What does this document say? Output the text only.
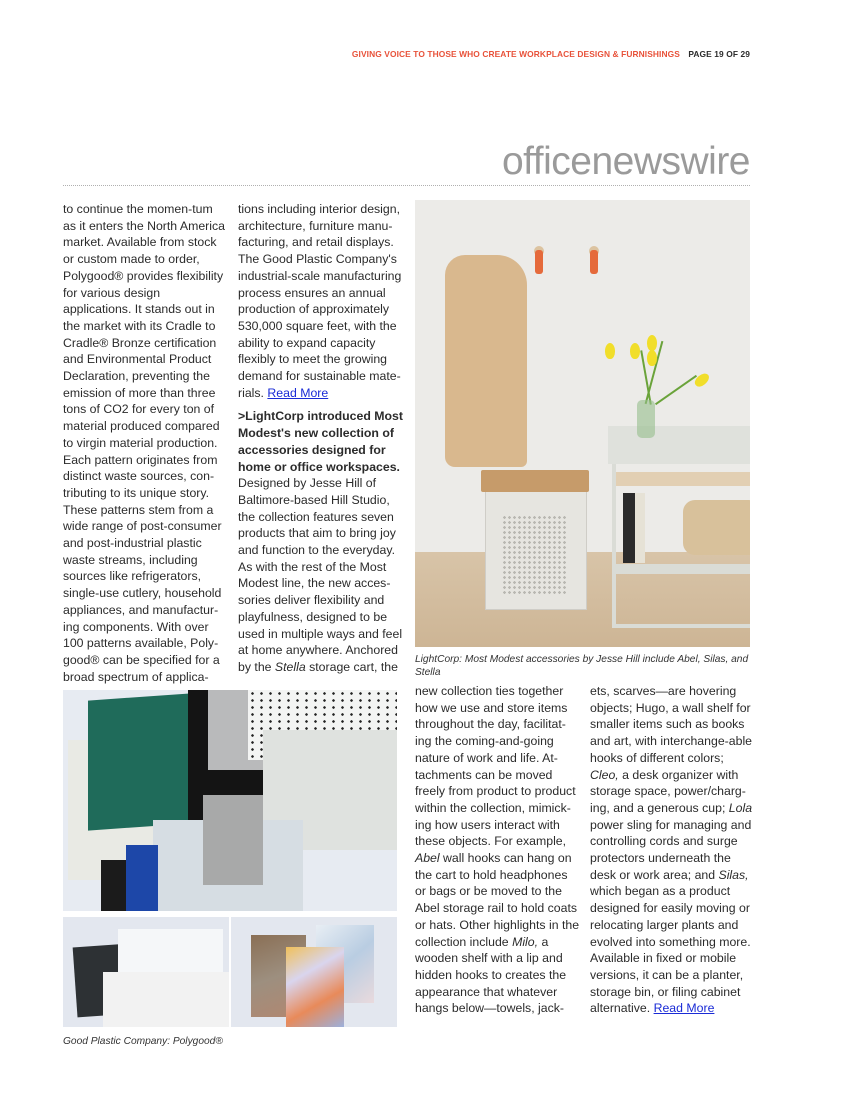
GIVING VOICE TO THOSE WHO CREATE WORKPLACE DESIGN & FURNISHINGS PAGE 19 OF 29
officenewswire

to continue the momen-tum as it enters the North America market. Available from stock or custom made to order, Polygood® provides flexibility for various design applications. It stands out in the market with its Cradle to Cradle® Bronze certification and Environmental Product Declaration, preventing the emission of more than three tons of CO2 for every ton of material produced compared to virgin material production. Each pattern originates from distinct waste sources, con-tributing to its unique story. These patterns stem from a wide range of post-consumer and post-industrial plastic waste streams, including sources like refrigerators, single-use cutlery, household appliances, and manufactur-ing components. With over 100 patterns available, Poly-good® can be specified for a broad spectrum of applica-

tions including interior design, architecture, furniture manu-facturing, and retail displays. The Good Plastic Company's industrial-scale manufacturing process ensures an annual production of approximately 530,000 square feet, with the ability to expand capacity flexibly to meet the growing demand for sustainable mate-rials. Read More

>LightCorp introduced Most Modest's new collection of accessories designed for home or office workspaces.

Designed by Jesse Hill of Baltimore-based Hill Studio, the collection features seven products that aim to bring joy and function to the everyday. As with the rest of the Most Modest line, the new acces-sories deliver flexibility and playfulness, designed to be used in multiple ways and feel at home anywhere. Anchored by the Stella storage cart, the

LightCorp: Most Modest accessories by Jesse Hill include Abel, Silas, and Stella

new collection ties together how we use and store items throughout the day, facilitat-ing the coming-and-going nature of work and life. At-tachments can be moved freely from product to product within the collection, mimick-ing how users interact with these objects. For example, Abel wall hooks can hang on the cart to hold headphones or bags or be moved to the Abel storage rail to hold coats or hats. Other highlights in the collection include Milo, a wooden shelf with a lip and hidden hooks to creates the appearance that whatever hangs below—towels, jack-

ets, scarves—are hovering objects; Hugo, a wall shelf for smaller items such as books and art, with interchange-able hooks of different colors; Cleo, a desk organizer with storage space, power/charg-ing, and a generous cup; Lola power sling for managing and controlling cords and surge protectors underneath the desk or work area; and Silas, which began as a product designed for easily moving or relocating larger plants and evolved into something more. Available in fixed or mobile versions, it can be a planter, storage bin, or filing cabinet alternative. Read More

Good Plastic Company: Polygood®
